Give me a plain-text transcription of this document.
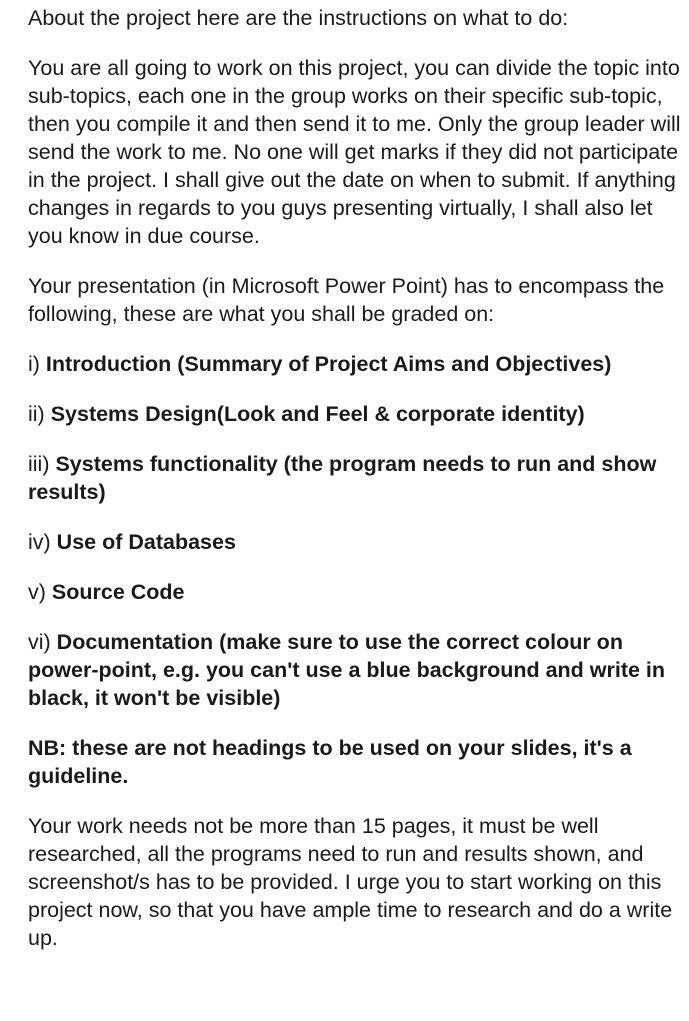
About the project here are the instructions on what to do:

You are all going to work on this project, you can divide the topic into sub-topics, each one in the group works on their specific sub-topic, then you compile it and then send it to me. Only the group leader will send the work to me. No one will get marks if they did not participate in the project. I shall give out the date on when to submit. If anything changes in regards to you guys presenting virtually, I shall also let you know in due course.

Your presentation (in Microsoft Power Point) has to encompass the following, these are what you shall be graded on:

i) Introduction (Summary of Project Aims and Objectives)

ii) Systems Design(Look and Feel & corporate identity)

iii) Systems functionality (the program needs to run and show results)

iv) Use of Databases

v) Source Code

vi) Documentation (make sure to use the correct colour on power-point, e.g. you can't use a blue background and write in black, it won't be visible)

NB: these are not headings to be used on your slides, it's a guideline.

Your work needs not be more than 15 pages, it must be well researched, all the programs need to run and results shown, and screenshot/s has to be provided. I urge you to start working on this project now, so that you have ample time to research and do a write up.
